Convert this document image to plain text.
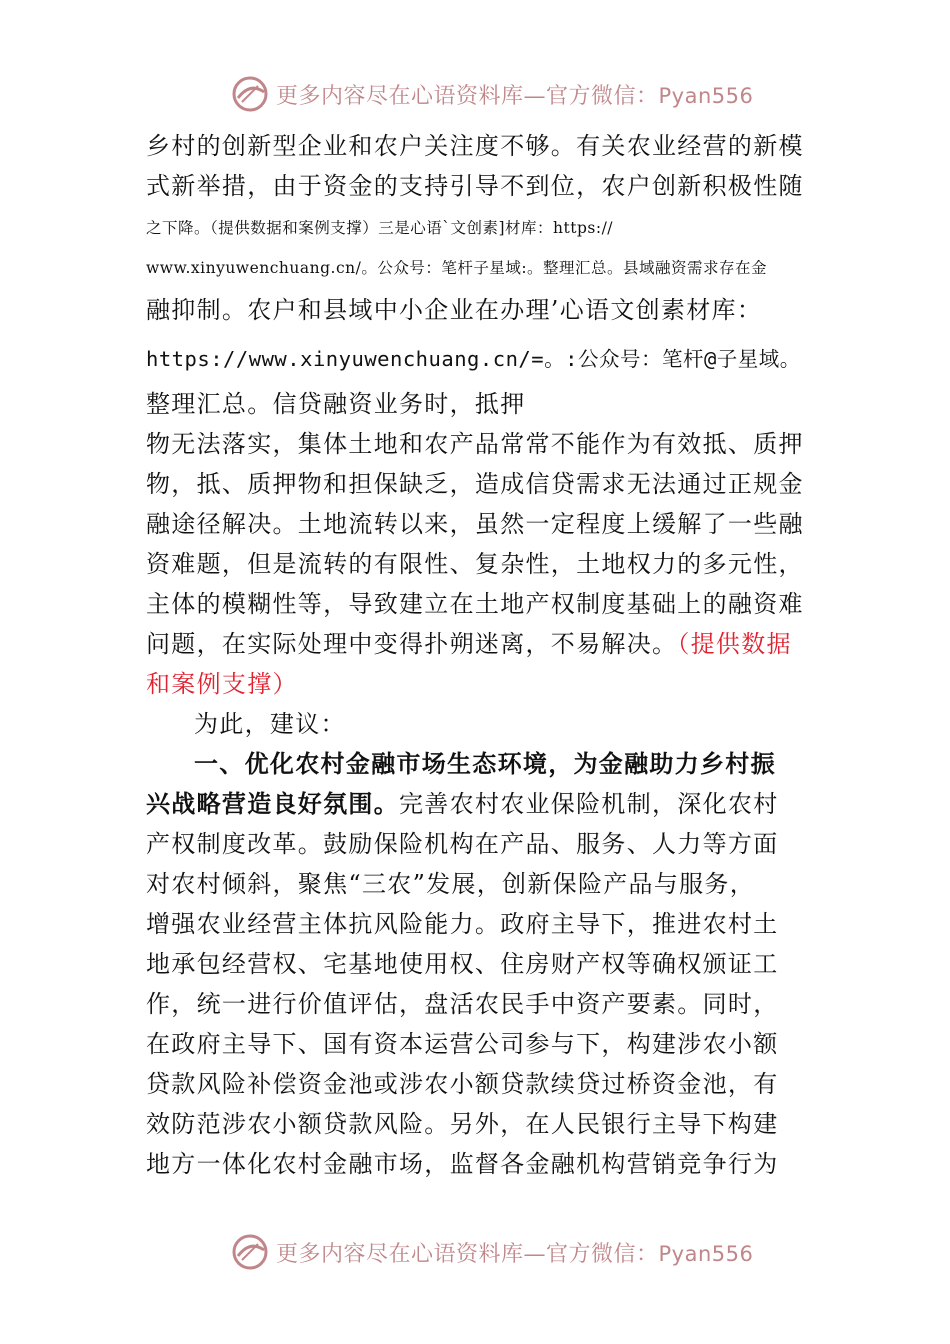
更多内容尽在心语资料库—官方微信：Pyan556
乡村的创新型企业和农户关注度不够。有关农业经营的新模
式新举措，由于资金的支持引导不到位，农户创新积极性随
之下降。（提供数据和案例支撑）三是心语`文创素]材库：https://
www.xinyuwenchuang.cn/。公众号：笔杆子星域:。整理汇总。县域融资需求存在金
融抑制。农户和县域中小企业在办理’心语文创素材库：
https://www.xinyuwenchuang.cn/=。:公众号：笔杆@子星域。
整理汇总。信贷融资业务时，抵押
物无法落实，集体土地和农产品常常不能作为有效抵、质押
物，抵、质押物和担保缺乏，造成信贷需求无法通过正规金
融途径解决。土地流转以来，虽然一定程度上缓解了一些融
资难题，但是流转的有限性、复杂性，土地权力的多元性，
主体的模糊性等，导致建立在土地产权制度基础上的融资难
问题，在实际处理中变得扑朔迷离，不易解决。（提供数据
和案例支撑）
为此，建议：
一、优化农村金融市场生态环境，为金融助力乡村振
兴战略营造良好氛围。完善农村农业保险机制，深化农村
产权制度改革。鼓励保险机构在产品、服务、人力等方面
对农村倾斜，聚焦“三农”发展，创新保险产品与服务，
增强农业经营主体抗风险能力。政府主导下，推进农村土
地承包经营权、宅基地使用权、住房财产权等确权颁证工
作，统一进行价值评估，盘活农民手中资产要素。同时，
在政府主导下、国有资本运营公司参与下，构建涉农小额
贷款风险补偿资金池或涉农小额贷款续贷过桥资金池，有
效防范涉农小额贷款风险。另外，在人民银行主导下构建
地方一体化农村金融市场，监督各金融机构营销竞争行为
更多内容尽在心语资料库—官方微信：Pyan556
